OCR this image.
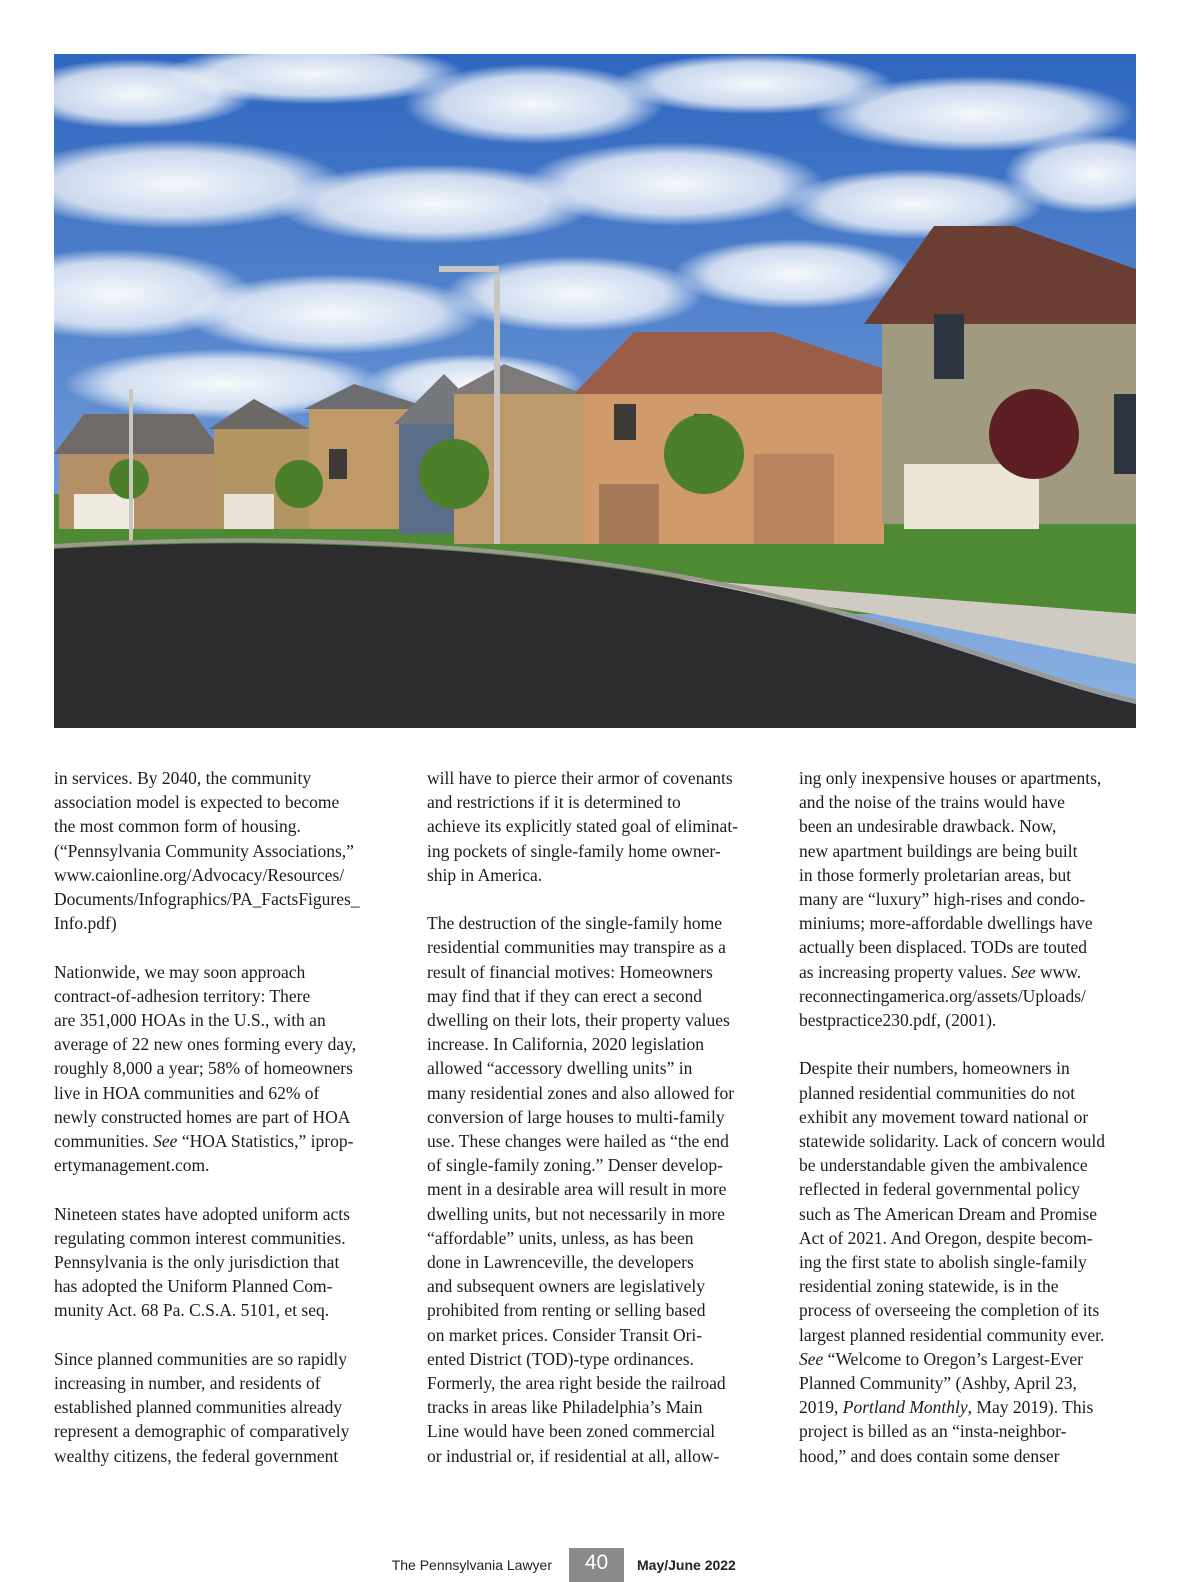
in services. By 2040, the community

association model is expected to become

the most common form of housing.

(“Pennsylvania Community Associations,”

www.caionline.org/Advocacy/Resources/

Documents/Infographics/PA_FactsFigures_

Info.pdf)

Nationwide, we may soon approach

contract-of-adhesion territory: There

are 351,000 HOAs in the U.S., with an

average of 22 new ones forming every day,

roughly 8,000 a year; 58% of homeowners

live in HOA communities and 62% of

newly constructed homes are part of HOA

communities. See “HOA Statistics,” iprop-

ertymanagement.com.

Nineteen states have adopted uniform acts

regulating common interest communities.

Pennsylvania is the only jurisdiction that

has adopted the Uniform Planned Com-

munity Act. 68 Pa. C.S.A. 5101, et seq.

Since planned communities are so rapidly

increasing in number, and residents of

established planned communities already

represent a demographic of comparatively

wealthy citizens, the federal government

will have to pierce their armor of covenants

and restrictions if it is determined to

achieve its explicitly stated goal of eliminat-

ing pockets of single-family home owner-

ship in America.

The destruction of the single-family home

residential communities may transpire as a

result of financial motives: Homeowners

may find that if they can erect a second

dwelling on their lots, their property values

increase. In California, 2020 legislation

allowed “accessory dwelling units” in

many residential zones and also allowed for

conversion of large houses to multi-family

use. These changes were hailed as “the end

of single-family zoning.” Denser develop-

ment in a desirable area will result in more

dwelling units, but not necessarily in more

“affordable” units, unless, as has been

done in Lawrenceville, the developers

and subsequent owners are legislatively

prohibited from renting or selling based

on market prices. Consider Transit Ori-

ented District (TOD)-type ordinances.

Formerly, the area right beside the railroad

tracks in areas like Philadelphia’s Main

Line would have been zoned commercial

or industrial or, if residential at all, allow-

ing only inexpensive houses or apartments,

and the noise of the trains would have

been an undesirable drawback. Now,

new apartment buildings are being built

in those formerly proletarian areas, but

many are “luxury” high-rises and condo-

miniums; more-affordable dwellings have

actually been displaced. TODs are touted

as increasing property values. See www.

reconnectingamerica.org/assets/Uploads/

bestpractice230.pdf, (2001).

Despite their numbers, homeowners in

planned residential communities do not

exhibit any movement toward national or

statewide solidarity. Lack of concern would

be understandable given the ambivalence

reflected in federal governmental policy

such as The American Dream and Promise

Act of 2021. And Oregon, despite becom-

ing the first state to abolish single-family

residential zoning statewide, is in the

process of overseeing the completion of its

largest planned residential community ever.

See “Welcome to Oregon’s Largest-Ever

Planned Community” (Ashby, April 23,

2019, Portland Monthly, May 2019). This

project is billed as an “insta-neighbor-

hood,” and does contain some denser

The Pennsylvania Lawyer	40	May/June 2022
